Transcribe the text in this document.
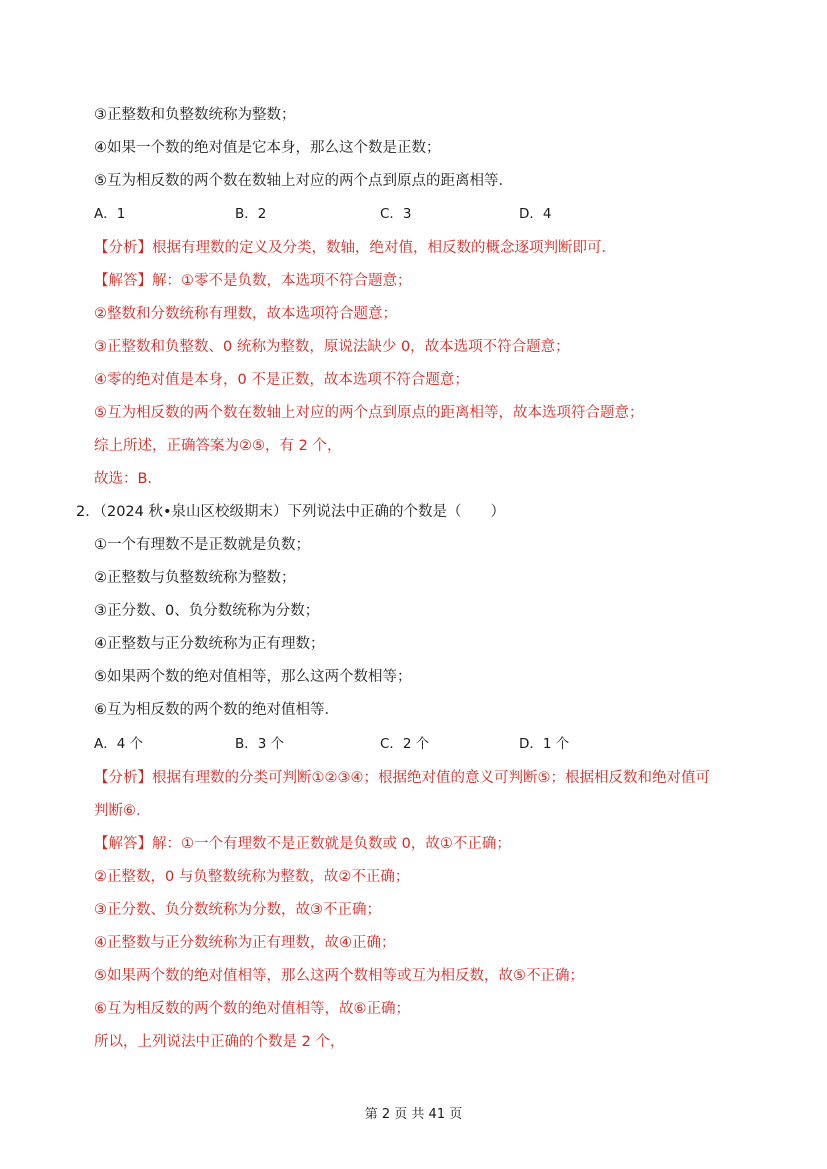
③正整数和负整数统称为整数；
④如果一个数的绝对值是它本身，那么这个数是正数；
⑤互为相反数的两个数在数轴上对应的两个点到原点的距离相等．
A．1	B．2	C．3	D．4
【分析】根据有理数的定义及分类，数轴，绝对值，相反数的概念逐项判断即可．
【解答】解：①零不是负数，本选项不符合题意；
②整数和分数统称有理数，故本选项符合题意；
③正整数和负整数、0 统称为整数，原说法缺少 0，故本选项不符合题意；
④零的绝对值是本身，0 不是正数，故本选项不符合题意；
⑤互为相反数的两个数在数轴上对应的两个点到原点的距离相等，故本选项符合题意；
综上所述，正确答案为②⑤，有 2 个，
故选：B．
2．（2024 秋•泉山区校级期末）下列说法中正确的个数是（　　）
①一个有理数不是正数就是负数；
②正整数与负整数统称为整数；
③正分数、0、负分数统称为分数；
④正整数与正分数统称为正有理数；
⑤如果两个数的绝对值相等，那么这两个数相等；
⑥互为相反数的两个数的绝对值相等．
A．4 个	B．3 个	C．2 个	D．1 个
【分析】根据有理数的分类可判断①②③④；根据绝对值的意义可判断⑤；根据相反数和绝对值可
判断⑥．
【解答】解：①一个有理数不是正数就是负数或 0，故①不正确；
②正整数，0 与负整数统称为整数，故②不正确；
③正分数、负分数统称为分数，故③不正确；
④正整数与正分数统称为正有理数，故④正确；
⑤如果两个数的绝对值相等，那么这两个数相等或互为相反数，故⑤不正确；
⑥互为相反数的两个数的绝对值相等，故⑥正确；
所以，上列说法中正确的个数是 2 个，
第 2 页 共 41 页
